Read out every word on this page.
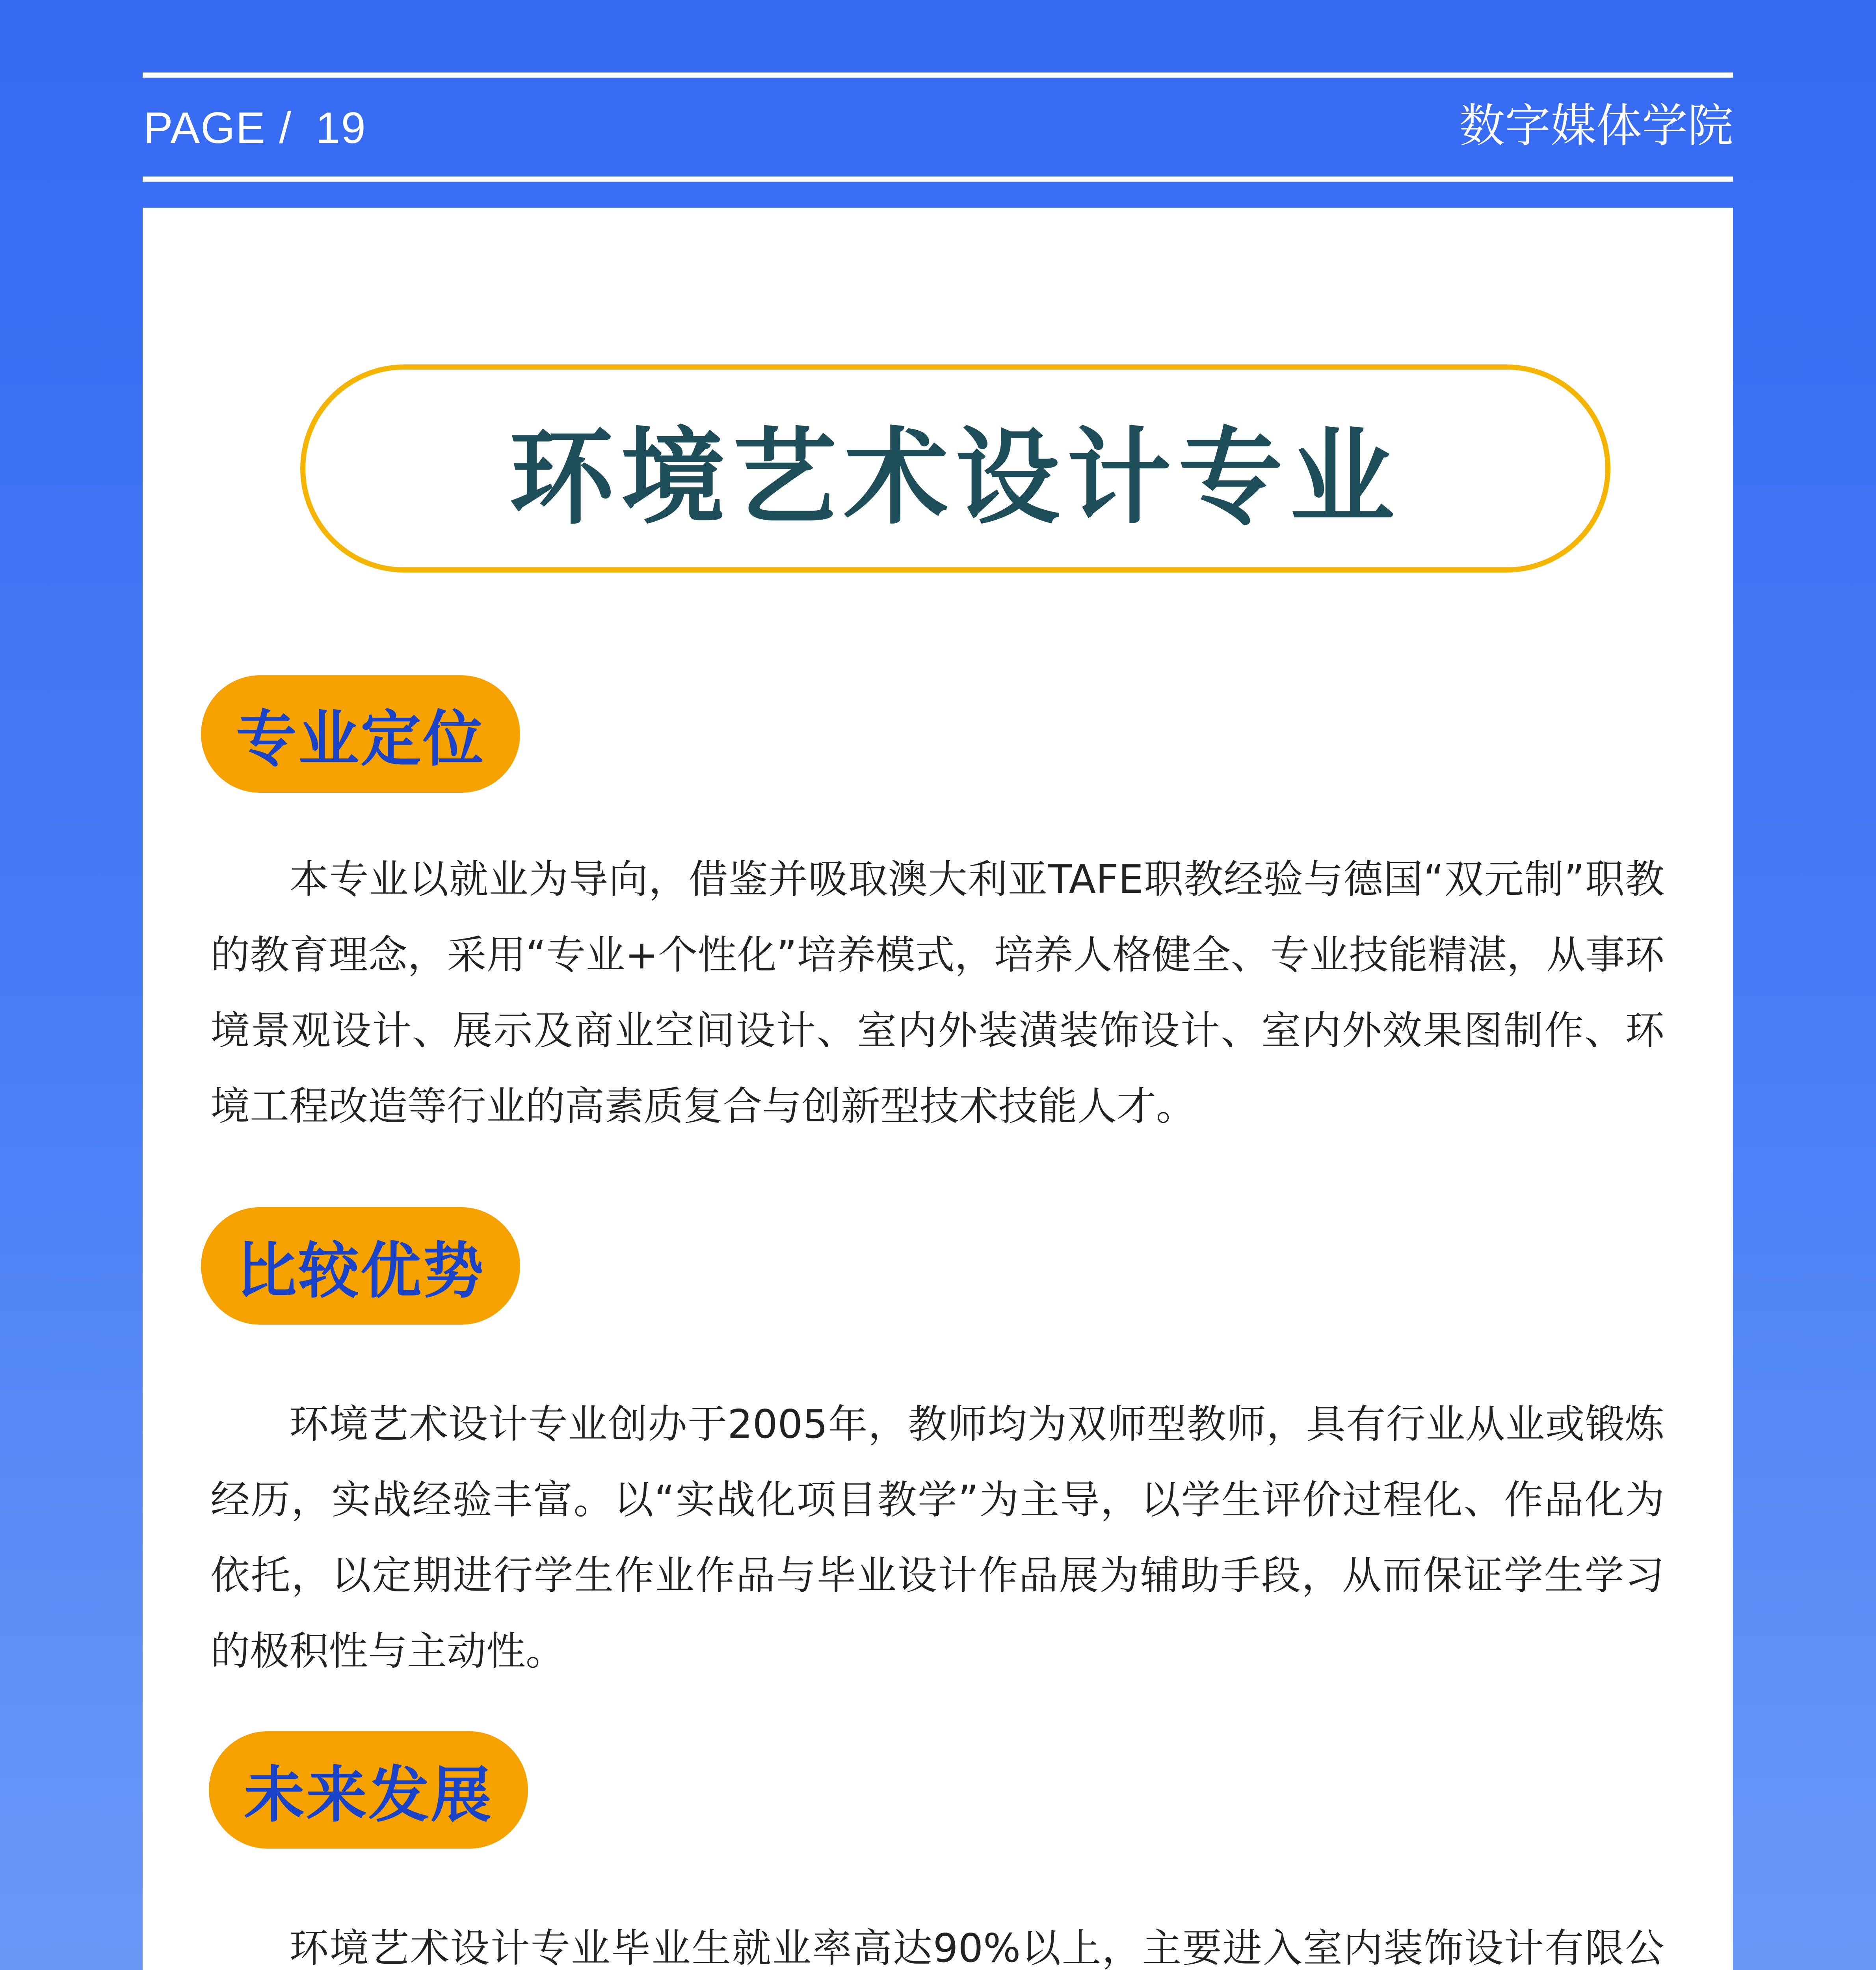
PAGE / 19	数字媒体学院
环境艺术设计专业
专业定位

本专业以就业为导向，借鉴并吸取澳大利亚TAFE职教经验与德国“双元制”职教的教育理念，采用“专业+个性化”培养模式，培养人格健全、专业技能精湛，从事环境景观设计、展示及商业空间设计、室内外装潢装饰设计、室内外效果图制作、环境工程改造等行业的高素质复合与创新型技术技能人才。

比较优势

环境艺术设计专业创办于2005年，教师均为双师型教师，具有行业从业或锻炼经历，实战经验丰富。以“实战化项目教学”为主导，以学生评价过程化、作品化为依托，以定期进行学生作业作品与毕业设计作品展为辅助手段，从而保证学生学习的极积性与主动性。

未来发展

环境艺术设计专业毕业生就业率高达90%以上，主要进入室内装饰设计有限公
